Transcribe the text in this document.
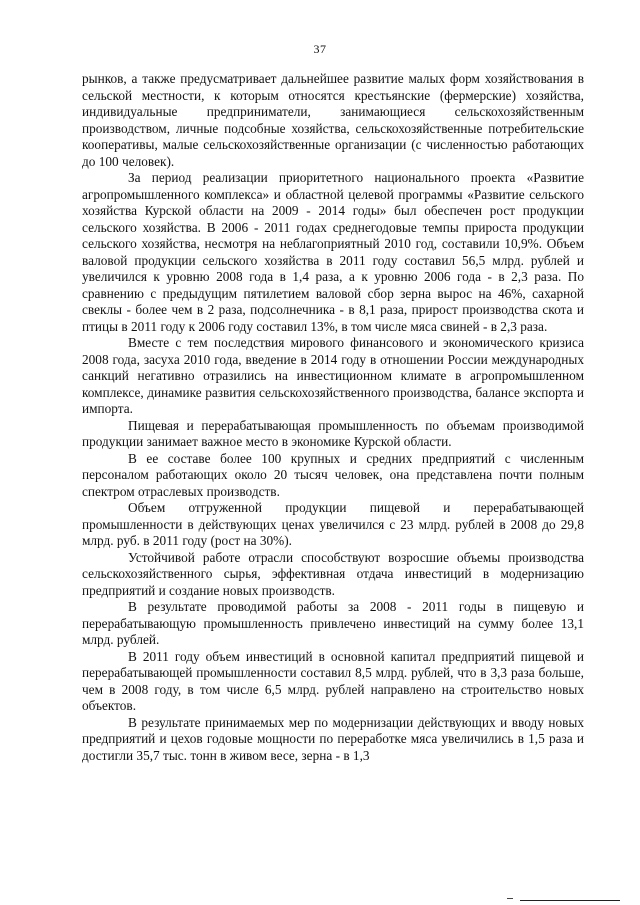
37

рынков, а также предусматривает дальнейшее развитие малых форм хозяйствования в сельской местности, к которым относятся крестьянские (фермерские) хозяйства, индивидуальные предприниматели, занимающиеся сельскохозяйственным производством, личные подсобные хозяйства, сельскохозяйственные потребительские кооперативы, малые сельскохозяйственные организации (с численностью работающих до 100 человек).

За период реализации приоритетного национального проекта «Развитие агропромышленного комплекса» и областной целевой программы «Развитие сельского хозяйства Курской области на 2009 - 2014 годы» был обеспечен рост продукции сельского хозяйства. В 2006 - 2011 годах среднегодовые темпы прироста продукции сельского хозяйства, несмотря на неблагоприятный 2010 год, составили 10,9%. Объем валовой продукции сельского хозяйства в 2011 году составил 56,5 млрд. рублей и увеличился к уровню 2008 года в 1,4 раза, а к уровню 2006 года - в 2,3 раза. По сравнению с предыдущим пятилетием валовой сбор зерна вырос на 46%, сахарной свеклы - более чем в 2 раза, подсолнечника - в 8,1 раза, прирост производства скота и птицы в 2011 году к 2006 году составил 13%, в том числе мяса свиней - в 2,3 раза.

Вместе с тем последствия мирового финансового и экономического кризиса 2008 года, засуха 2010 года, введение в 2014 году в отношении России международных санкций негативно отразились на инвестиционном климате в агропромышленном комплексе, динамике развития сельскохозяйственного производства, балансе экспорта и импорта.

Пищевая и перерабатывающая промышленность по объемам производимой продукции занимает важное место в экономике Курской области.

В ее составе более 100 крупных и средних предприятий с численным персоналом работающих около 20 тысяч человек, она представлена почти полным спектром отраслевых производств.

Объем отгруженной продукции пищевой и перерабатывающей промышленности в действующих ценах увеличился с 23 млрд. рублей в 2008 до 29,8 млрд. руб. в 2011 году (рост на 30%).

Устойчивой работе отрасли способствуют возросшие объемы производства сельскохозяйственного сырья, эффективная отдача инвестиций в модернизацию предприятий и создание новых производств.

В результате проводимой работы за 2008 - 2011 годы в пищевую и перерабатывающую промышленность привлечено инвестиций на сумму более 13,1 млрд. рублей.

В 2011 году объем инвестиций в основной капитал предприятий пищевой и перерабатывающей промышленности составил 8,5 млрд. рублей, что в 3,3 раза больше, чем в 2008 году, в том числе 6,5 млрд. рублей направлено на строительство новых объектов.

В результате принимаемых мер по модернизации действующих и вводу новых предприятий и цехов годовые мощности по переработке мяса увеличились в 1,5 раза и достигли 35,7 тыс. тонн в живом весе, зерна - в 1,3
